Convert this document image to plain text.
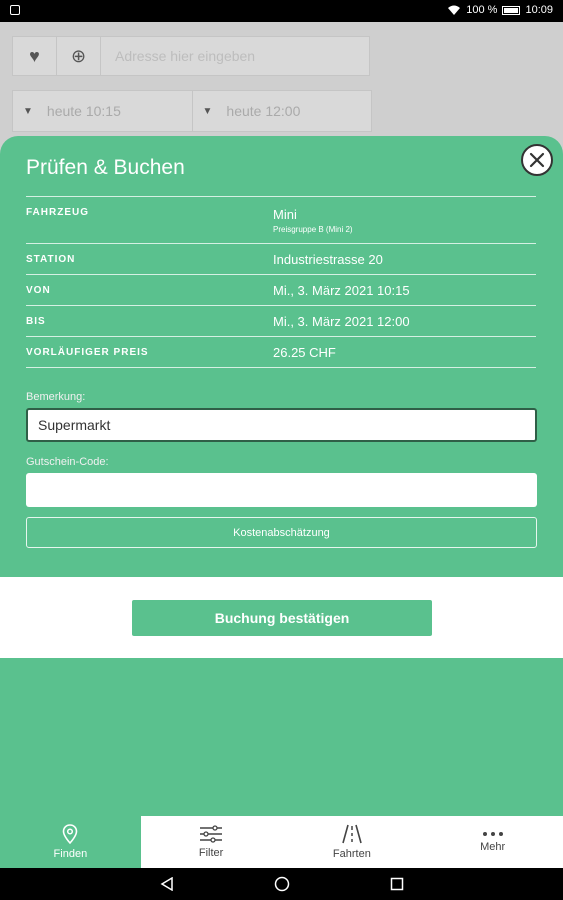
100 %	10:09
♥	⊕	Adresse hier eingeben
▼ heute 10:15	▼ heute 12:00
Prüfen & Buchen
FAHRZEUG	Mini
Preisgruppe B (Mini 2)
STATION	Industriestrasse 20
VON	Mi., 3. März 2021 10:15
BIS	Mi., 3. März 2021 12:00
VORLÄUFIGER PREIS	26.25 CHF
Bemerkung:
Supermarkt
Gutschein-Code:
Kostenabschätzung
Buchung bestätigen
Finden	Filter	Fahrten
Mehr
